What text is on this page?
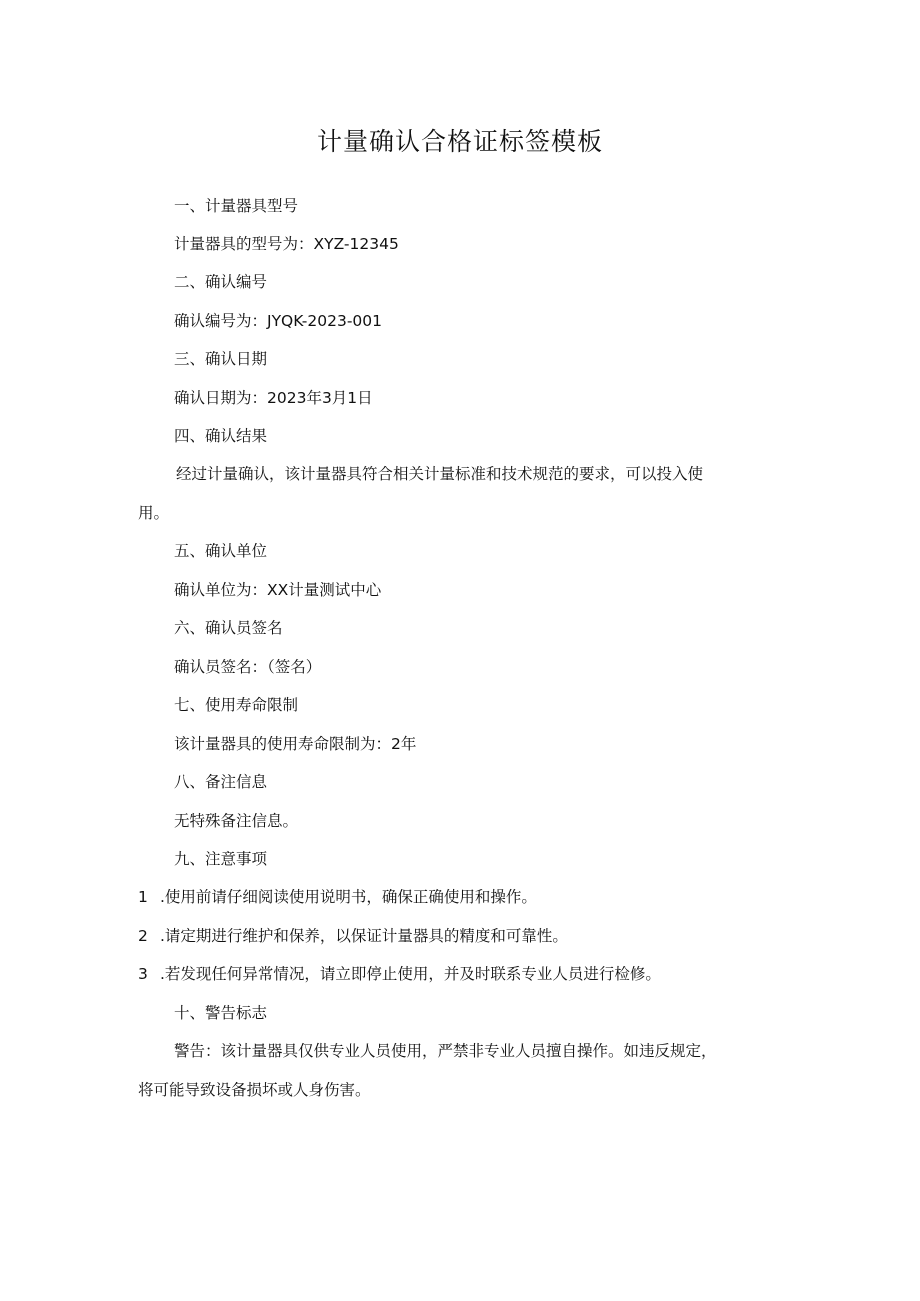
计量确认合格证标签模板
一、计量器具型号
计量器具的型号为：XYZ-12345
二、确认编号
确认编号为：JYQK-2023-001
三、确认日期
确认日期为：2023年3月1日
四、确认结果
经过计量确认，该计量器具符合相关计量标准和技术规范的要求，可以投入使
用。
五、确认单位
确认单位为：XX计量测试中心
六、确认员签名
确认员签名：（签名）
七、使用寿命限制
该计量器具的使用寿命限制为：2年
八、备注信息
无特殊备注信息。
九、注意事项
1 .使用前请仔细阅读使用说明书，确保正确使用和操作。
2 .请定期进行维护和保养，以保证计量器具的精度和可靠性。
3 .若发现任何异常情况，请立即停止使用，并及时联系专业人员进行检修。
十、警告标志
警告：该计量器具仅供专业人员使用，严禁非专业人员擅自操作。如违反规定，
将可能导致设备损坏或人身伤害。
